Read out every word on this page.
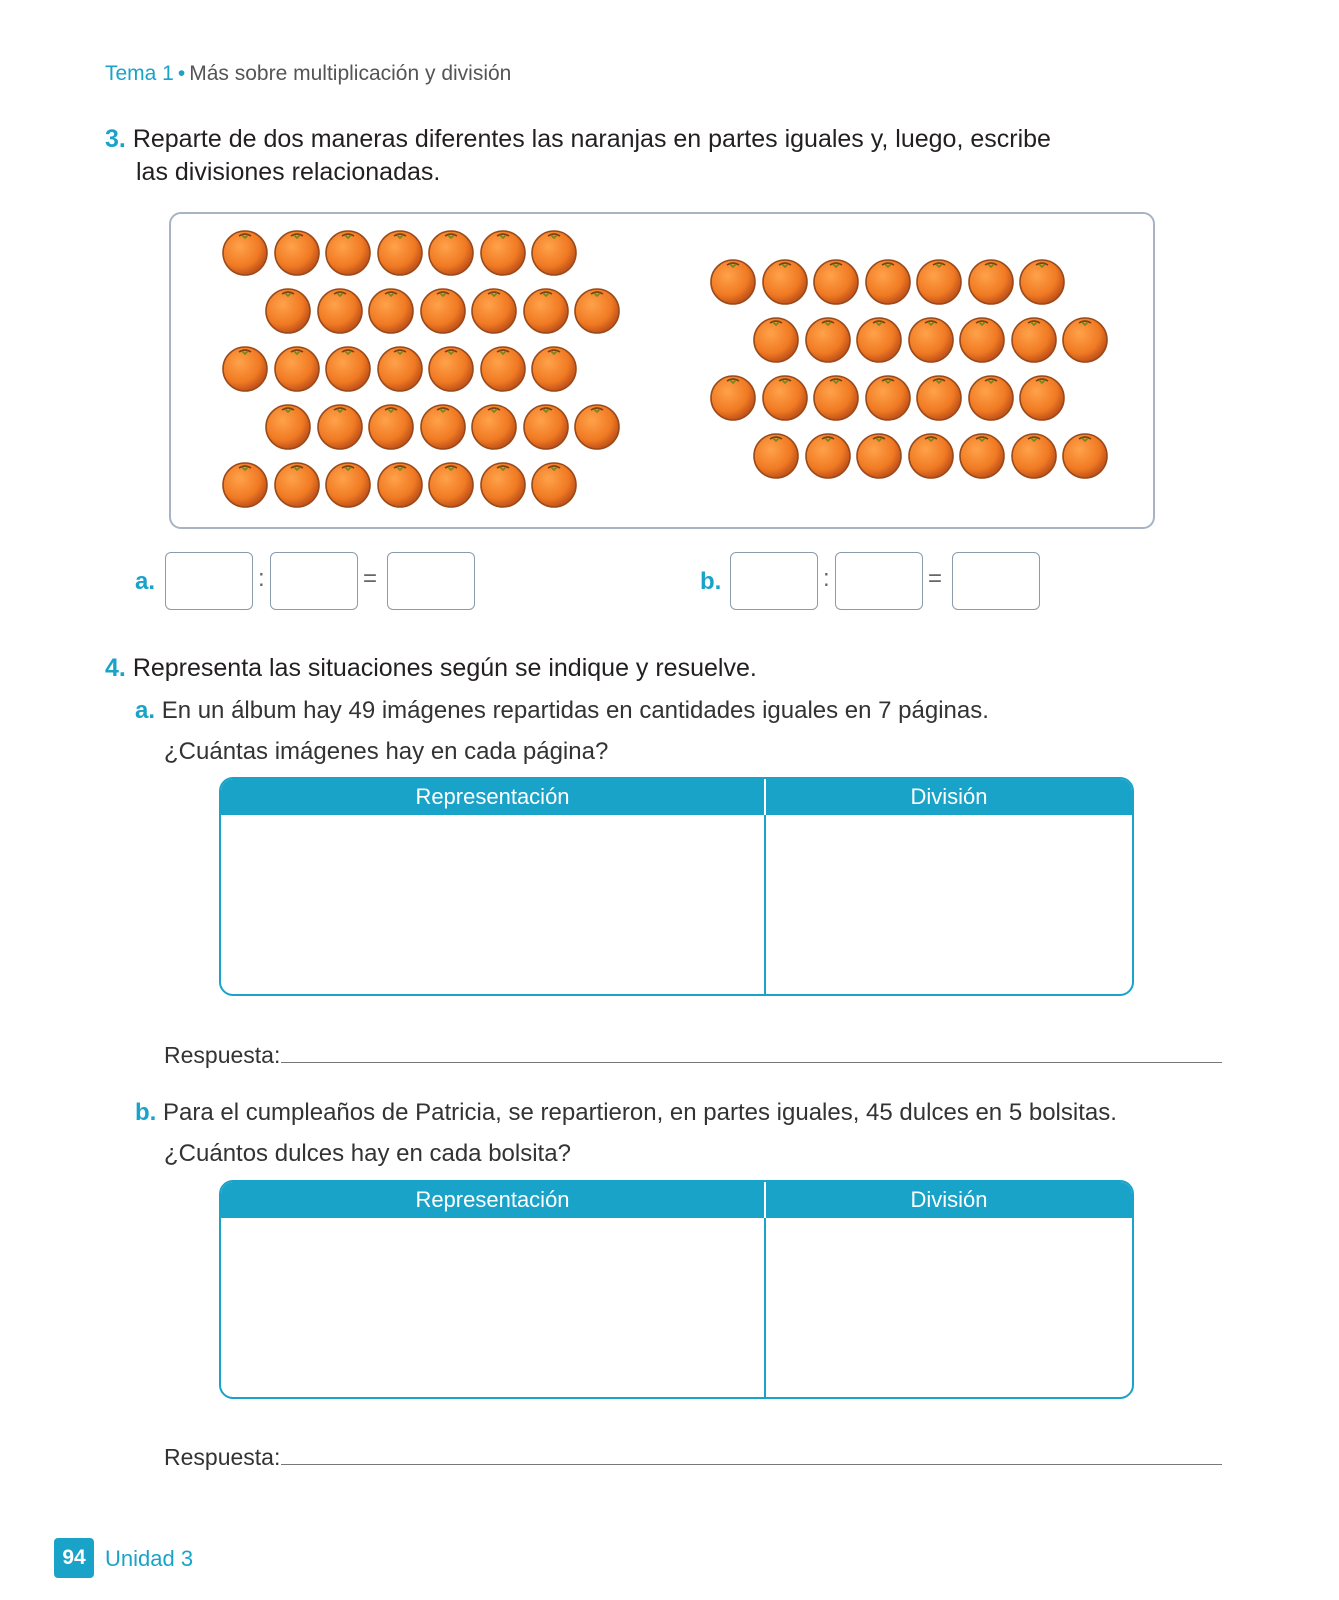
Tema 1 • Más sobre multiplicación y división
3. Reparte de dos maneras diferentes las naranjas en partes iguales y, luego, escribe
las divisiones relacionadas.
a.	:	=	b.	:	=
4. Representa las situaciones según se indique y resuelve.
a. En un álbum hay 49 imágenes repartidas en cantidades iguales en 7 páginas.
¿Cuántas imágenes hay en cada página?
Representación	División
Respuesta:
b. Para el cumpleaños de Patricia, se repartieron, en partes iguales, 45 dulces en 5 bolsitas.
¿Cuántos dulces hay en cada bolsita?
Representación	División
Respuesta:
94 Unidad 3
